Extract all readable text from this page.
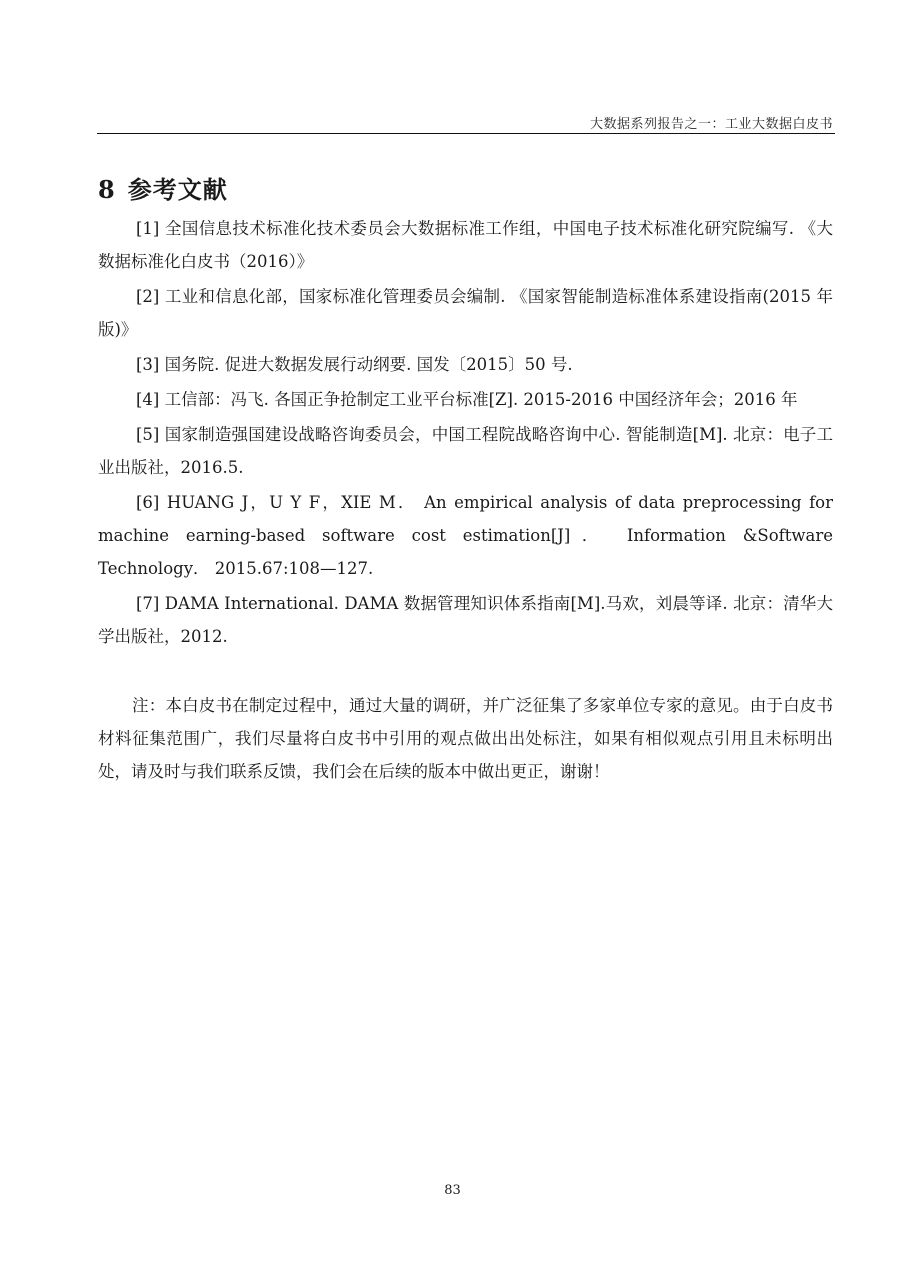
大数据系列报告之一：工业大数据白皮书
8 参考文献

[1] 全国信息技术标准化技术委员会大数据标准工作组，中国电子技术标准化研究院编写. 《大数据标准化白皮书（2016）》

[2] 工业和信息化部，国家标准化管理委员会编制. 《国家智能制造标准体系建设指南(2015 年版)》

[3] 国务院. 促进大数据发展行动纲要. 国发〔2015〕50 号.

[4] 工信部：冯飞. 各国正争抢制定工业平台标准[Z]. 2015-2016 中国经济年会；2016 年

[5] 国家制造强国建设战略咨询委员会，中国工程院战略咨询中心. 智能制造[M]. 北京：电子工业出版社，2016.5.

[6] HUANG J，U Y F，XIE M． An empirical analysis of data preprocessing for machine earning-based software cost estimation[J]． Information &Software Technology． 2015.67:108—127.

[7] DAMA International. DAMA 数据管理知识体系指南[M].马欢，刘晨等译. 北京：清华大学出版社，2012.

注：本白皮书在制定过程中，通过大量的调研，并广泛征集了多家单位专家的意见。由于白皮书材料征集范围广，我们尽量将白皮书中引用的观点做出出处标注，如果有相似观点引用且未标明出处，请及时与我们联系反馈，我们会在后续的版本中做出更正，谢谢！

83
